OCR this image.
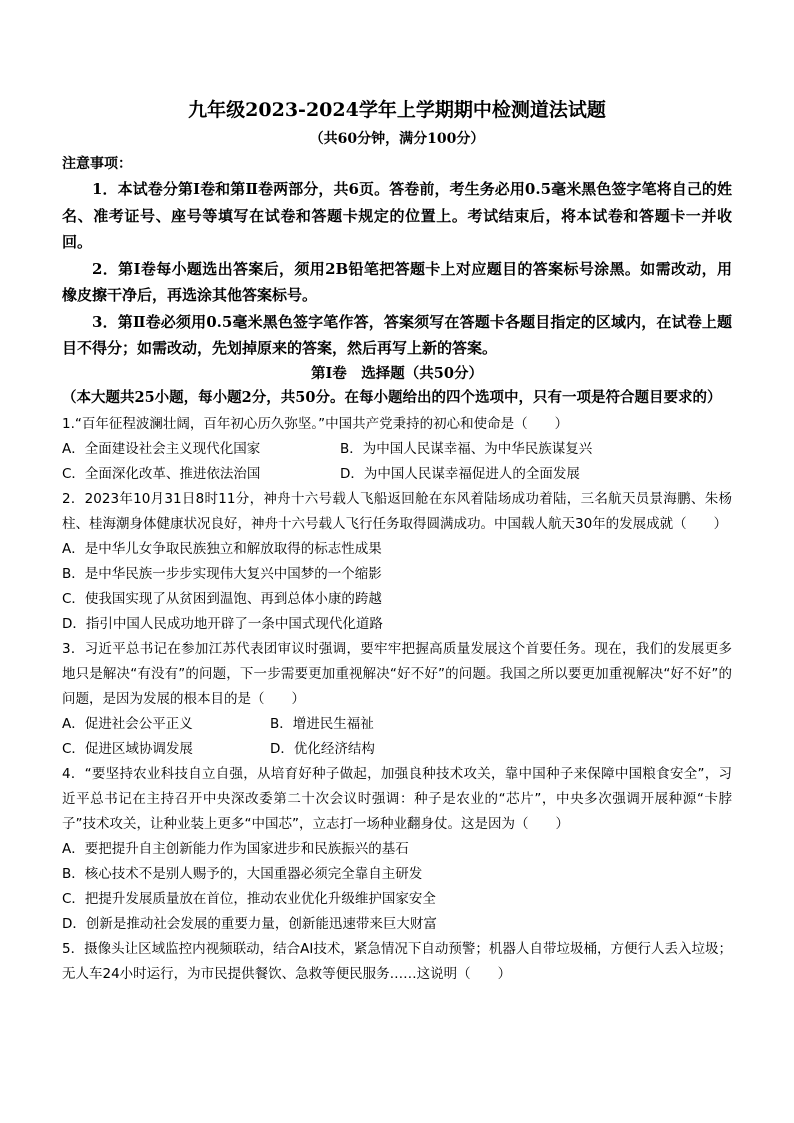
九年级2023-2024学年上学期期中检测道法试题
（共60分钟，满分100分）
注意事项：

1．本试卷分第Ⅰ卷和第Ⅱ卷两部分，共6页。答卷前，考生务必用0.5毫米黑色签字笔将自己的姓名、准考证号、座号等填写在试卷和答题卡规定的位置上。考试结束后，将本试卷和答题卡一并收回。

2．第Ⅰ卷每小题选出答案后，须用2B铅笔把答题卡上对应题目的答案标号涂黑。如需改动，用橡皮擦干净后，再选涂其他答案标号。

3．第Ⅱ卷必须用0.5毫米黑色签字笔作答，答案须写在答题卡各题目指定的区域内，在试卷上题目不得分；如需改动，先划掉原来的答案，然后再写上新的答案。

第Ⅰ卷　选择题（共50分）
（本大题共25小题，每小题2分，共50分。在每小题给出的四个选项中，只有一项是符合题目要求的）

1.“百年征程波澜壮阔，百年初心历久弥坚。”中国共产党秉持的初心和使命是（　　）

A．全面建设社会主义现代化国家	B．为中国人民谋幸福、为中华民族谋复兴
C．全面深化改革、推进依法治国	D．为中国人民谋幸福促进人的全面发展

2．2023年10月31日8时11分，神舟十六号载人飞船返回舱在东风着陆场成功着陆，三名航天员景海鹏、朱杨柱、桂海潮身体健康状况良好，神舟十六号载人飞行任务取得圆满成功。中国载人航天30年的发展成就（　　）

A．是中华儿女争取民族独立和解放取得的标志性成果

B．是中华民族一步步实现伟大复兴中国梦的一个缩影

C．使我国实现了从贫困到温饱、再到总体小康的跨越

D．指引中国人民成功地开辟了一条中国式现代化道路

3．习近平总书记在参加江苏代表团审议时强调，要牢牢把握高质量发展这个首要任务。现在，我们的发展更多地只是解决“有没有”的问题，下一步需要更加重视解决“好不好”的问题。我国之所以要更加重视解决“好不好”的问题，是因为发展的根本目的是（　　）

A．促进社会公平正义	B．增进民生福祉
C．促进区域协调发展	D．优化经济结构

4．“要坚持农业科技自立自强，从培育好种子做起，加强良种技术攻关，靠中国种子来保障中国粮食安全”，习近平总书记在主持召开中央深改委第二十次会议时强调：种子是农业的“芯片”，中央多次强调开展种源“卡脖子”技术攻关，让种业装上更多“中国芯”，立志打一场种业翻身仗。这是因为（　　）

A．要把提升自主创新能力作为国家进步和民族振兴的基石

B．核心技术不是别人赐予的，大国重器必须完全靠自主研发

C．把提升发展质量放在首位，推动农业优化升级维护国家安全

D．创新是推动社会发展的重要力量，创新能迅速带来巨大财富

5．摄像头让区域监控内视频联动，结合AI技术，紧急情况下自动预警；机器人自带垃圾桶，方便行人丢入垃圾；无人车24小时运行，为市民提供餐饮、急救等便民服务……这说明（　　）
